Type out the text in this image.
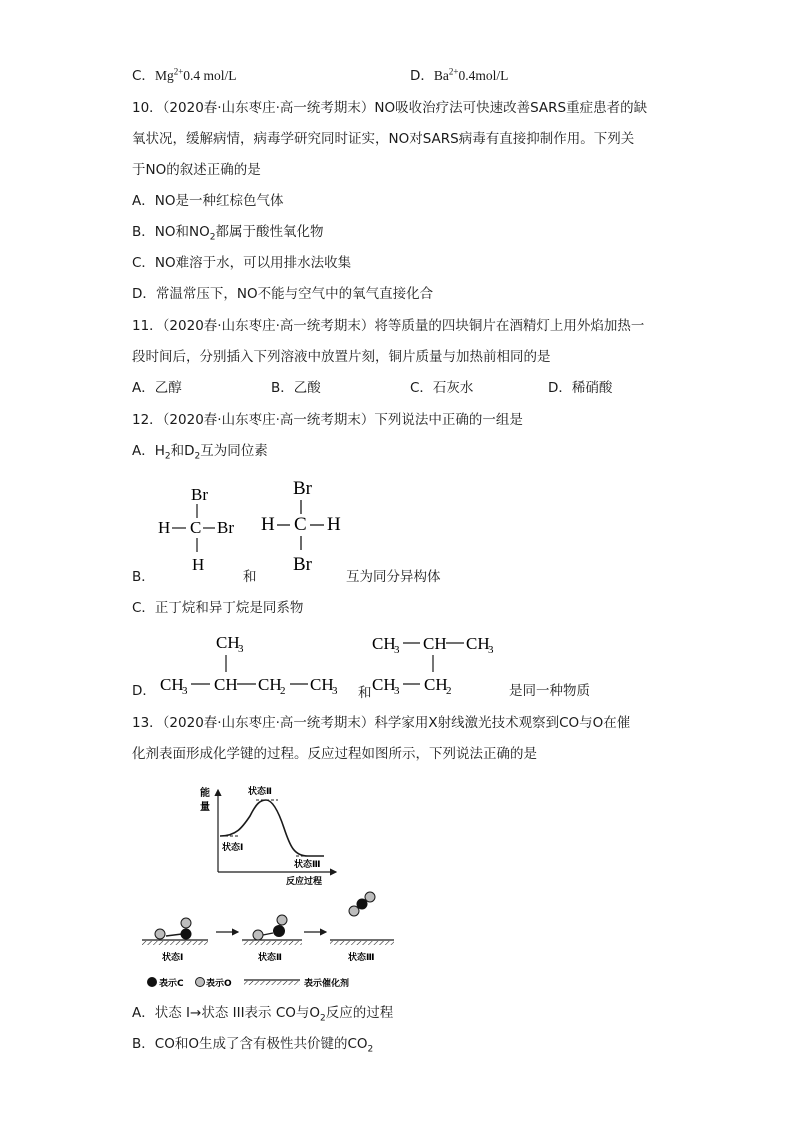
C．$Mg^{2+}0.4$ mol/L	D．$Ba^{2+}0.4mol/L$
10．（2020春·山东枣庄·高一统考期末）NO吸收治疗法可快速改善SARS重症患者的缺
氧状况，缓解病情，病毒学研究同时证实，NO对SARS病毒有直接抑制作用。下列关
于NO的叙述正确的是
A．NO是一种红棕色气体
B．NO和$NO_2$都属于酸性氧化物
C．NO难溶于水，可以用排水法收集
D．常温常压下，NO不能与空气中的氧气直接化合
11．（2020春·山东枣庄·高一统考期末）将等质量的四块铜片在酒精灯上用外焰加热一
段时间后，分别插入下列溶液中放置片刻，铜片质量与加热前相同的是
A．乙醇	B．乙酸	C．石灰水	D．稀硝酸
12．（2020春·山东枣庄·高一统考期末）下列说法中正确的一组是
A．$H_2$和$D_2$互为同位素
Br
H C Br
H
Br
H C H
Br
B．	和	互为同分异构体
C．正丁烷和异丁烷是同系物
CH
3
CH
3 CH CH
2 CH
3
CH
3 CH CH
3
CH
3 CH
2
D．	和	是同一种物质
13．（2020春·山东枣庄·高一统考期末）科学家用X射线激光技术观察到CO与O在催
化剂表面形成化学键的过程。反应过程如图所示，下列说法正确的是
能
量
反应过程
状态Ⅰ
状态Ⅱ
状态Ⅲ
状态Ⅰ	状态Ⅱ	状态Ⅲ
表示C 表示O	表示催化剂
A．状态 I→状态 III表示 CO与$O_2$反应的过程
B．CO和O生成了含有极性共价键的$CO_2$
